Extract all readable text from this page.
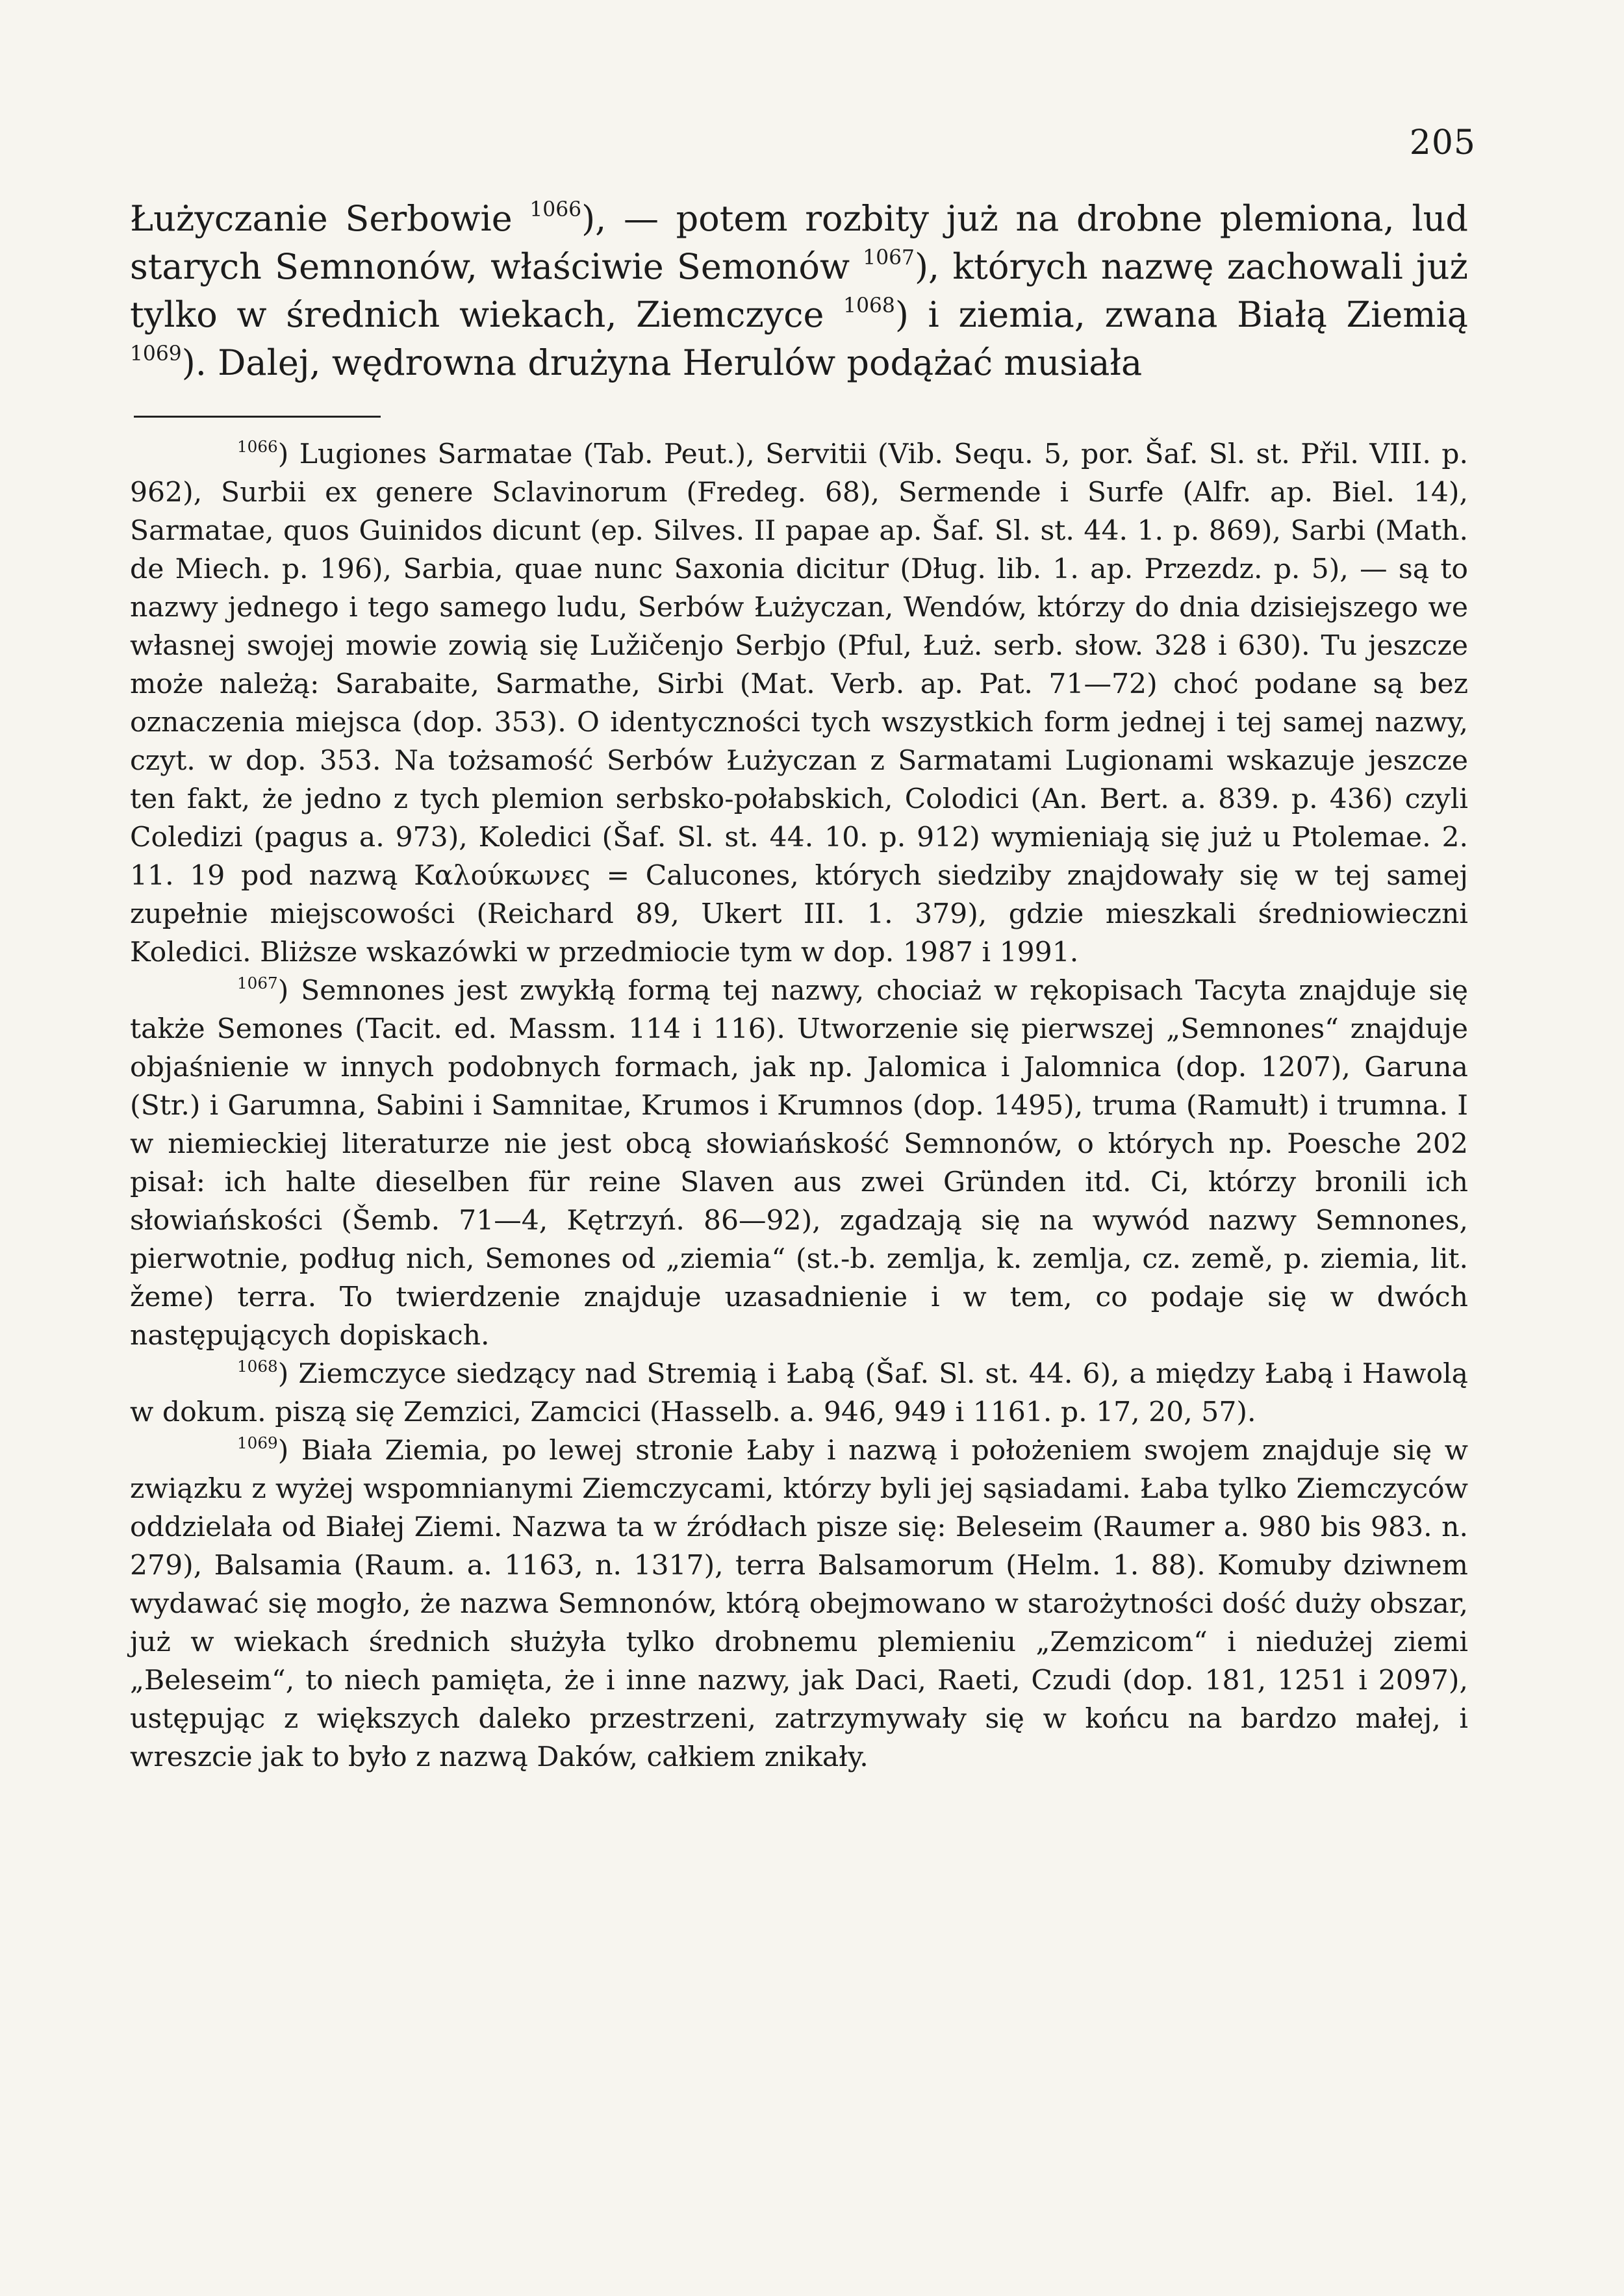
205

Łużyczanie Serbowie $^{1066}$), — potem rozbity już na drobne plemiona, lud starych Semnonów, właściwie Semonów $^{1067}$), których nazwę zachowali już tylko w średnich wiekach, Ziemczyce $^{1068}$) i ziemia, zwana Białą Ziemią $^{1069}$). Dalej, wędrowna drużyna Herulów podążać musiała

$^{1066}$) Lugiones Sarmatae (Tab. Peut.), Servitii (Vib. Sequ. 5, por. Šaf. Sl. st. Přil. VIII. p. 962), Surbii ex genere Sclavinorum (Fredeg. 68), Sermende i Surfe (Alfr. ap. Biel. 14), Sarmatae, quos Guinidos dicunt (ep. Silves. II papae ap. Šaf. Sl. st. 44. 1. p. 869), Sarbi (Math. de Miech. p. 196), Sarbia, quae nunc Saxonia dicitur (Dług. lib. 1. ap. Przezdz. p. 5), — są to nazwy jednego i tego samego ludu, Serbów Łużyczan, Wendów, którzy do dnia dzisiejszego we własnej swojej mowie zowią się Lužičenjo Serbjo (Pful, Łuż. serb. słow. 328 i 630). Tu jeszcze może należą: Sarabaite, Sarmathe, Sirbi (Mat. Verb. ap. Pat. 71—72) choć podane są bez oznaczenia miejsca (dop. 353). O identyczności tych wszystkich form jednej i tej samej nazwy, czyt. w dop. 353. Na tożsamość Serbów Łużyczan z Sarmatami Lugionami wskazuje jeszcze ten fakt, że jedno z tych plemion serbsko-połabskich, Colodici (An. Bert. a. 839. p. 436) czyli Coledizi (pagus a. 973), Koledici (Šaf. Sl. st. 44. 10. p. 912) wymieniają się już u Ptolemae. 2. 11. 19 pod nazwą Καλούκωνες = Calucones, których siedziby znajdowały się w tej samej zupełnie miejscowości (Reichard 89, Ukert III. 1. 379), gdzie mieszkali średniowieczni Koledici. Bliższe wskazówki w przedmiocie tym w dop. 1987 i 1991.

$^{1067}$) Semnones jest zwykłą formą tej nazwy, chociaż w rękopisach Tacyta znajduje się także Semones (Tacit. ed. Massm. 114 i 116). Utworzenie się pierwszej „Semnones“ znajduje objaśnienie w innych podobnych formach, jak np. Jalomica i Jalomnica (dop. 1207), Garuna (Str.) i Garumna, Sabini i Samnitae, Krumos i Krumnos (dop. 1495), truma (Ramułt) i trumna. I w niemieckiej literaturze nie jest obcą słowiańskość Semnonów, o których np. Poesche 202 pisał: ich halte dieselben für reine Slaven aus zwei Gründen itd. Ci, którzy bronili ich słowiańskości (Šemb. 71—4, Kętrzyń. 86—92), zgadzają się na wywód nazwy Semnones, pierwotnie, podług nich, Semones od „ziemia“ (st.-b. zemlja, k. zemlja, cz. země, p. ziemia, lit. žeme) terra. To twierdzenie znajduje uzasadnienie i w tem, co podaje się w dwóch następujących dopiskach.

$^{1068}$) Ziemczyce siedzący nad Stremią i Łabą (Šaf. Sl. st. 44. 6), a między Łabą i Hawolą w dokum. piszą się Zemzici, Zamcici (Hasselb. a. 946, 949 i 1161. p. 17, 20, 57).

$^{1069}$) Biała Ziemia, po lewej stronie Łaby i nazwą i położeniem swojem znajduje się w związku z wyżej wspomnianymi Ziemczycami, którzy byli jej sąsiadami. Łaba tylko Ziemczyców oddzielała od Białej Ziemi. Nazwa ta w źródłach pisze się: Beleseim (Raumer a. 980 bis 983. n. 279), Balsamia (Raum. a. 1163, n. 1317), terra Balsamorum (Helm. 1. 88). Komuby dziwnem wydawać się mogło, że nazwa Semnonów, którą obejmowano w starożytności dość duży obszar, już w wiekach średnich służyła tylko drobnemu plemieniu „Zemzicom“ i niedużej ziemi „Beleseim“, to niech pamięta, że i inne nazwy, jak Daci, Raeti, Czudi (dop. 181, 1251 i 2097), ustępując z większych daleko przestrzeni, zatrzymywały się w końcu na bardzo małej, i wreszcie jak to było z nazwą Daków, całkiem znikały.
